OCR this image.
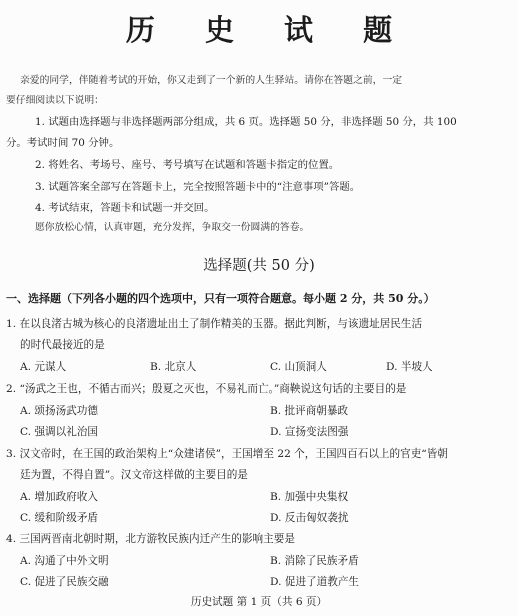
历 史 试 题
亲爱的同学，伴随着考试的开始，你又走到了一个新的人生驿站。请你在答题之前，一定
要仔细阅读以下说明：
1. 试题由选择题与非选择题两部分组成，共 6 页。选择题 50 分，非选择题 50 分，共 100
分。考试时间 70 分钟。
2. 将姓名、考场号、座号、考号填写在试题和答题卡指定的位置。
3. 试题答案全部写在答题卡上，完全按照答题卡中的“注意事项”答题。
4. 考试结束，答题卡和试题一并交回。
愿你放松心情，认真审题，充分发挥，争取交一份圆满的答卷。
选择题(共 50 分)
一、选择题（下列各小题的四个选项中，只有一项符合题意。每小题 2 分，共 50 分。）
1. 在以良渚古城为核心的良渚遗址出土了制作精美的玉器。据此判断，与该遗址居民生活
的时代最接近的是
A. 元谋人	B. 北京人	C. 山顶洞人	D. 半坡人
2. “汤武之王也，不循古而兴；殷夏之灭也，不易礼而亡。”商鞅说这句话的主要目的是
A. 颂扬汤武功德	B. 批评商朝暴政
C. 强调以礼治国	D. 宣扬变法图强
3. 汉文帝时，在王国的政治架构上“众建诸侯”，王国增至 22 个，王国四百石以上的官吏“皆朝
廷为置，不得自置”。汉文帝这样做的主要目的是
A. 增加政府收入	B. 加强中央集权
C. 缓和阶级矛盾	D. 反击匈奴袭扰
4. 三国两晋南北朝时期，北方游牧民族内迁产生的影响主要是
A. 沟通了中外文明	B. 消除了民族矛盾
C. 促进了民族交融	D. 促进了道教产生
历史试题 第 1 页（共 6 页）
